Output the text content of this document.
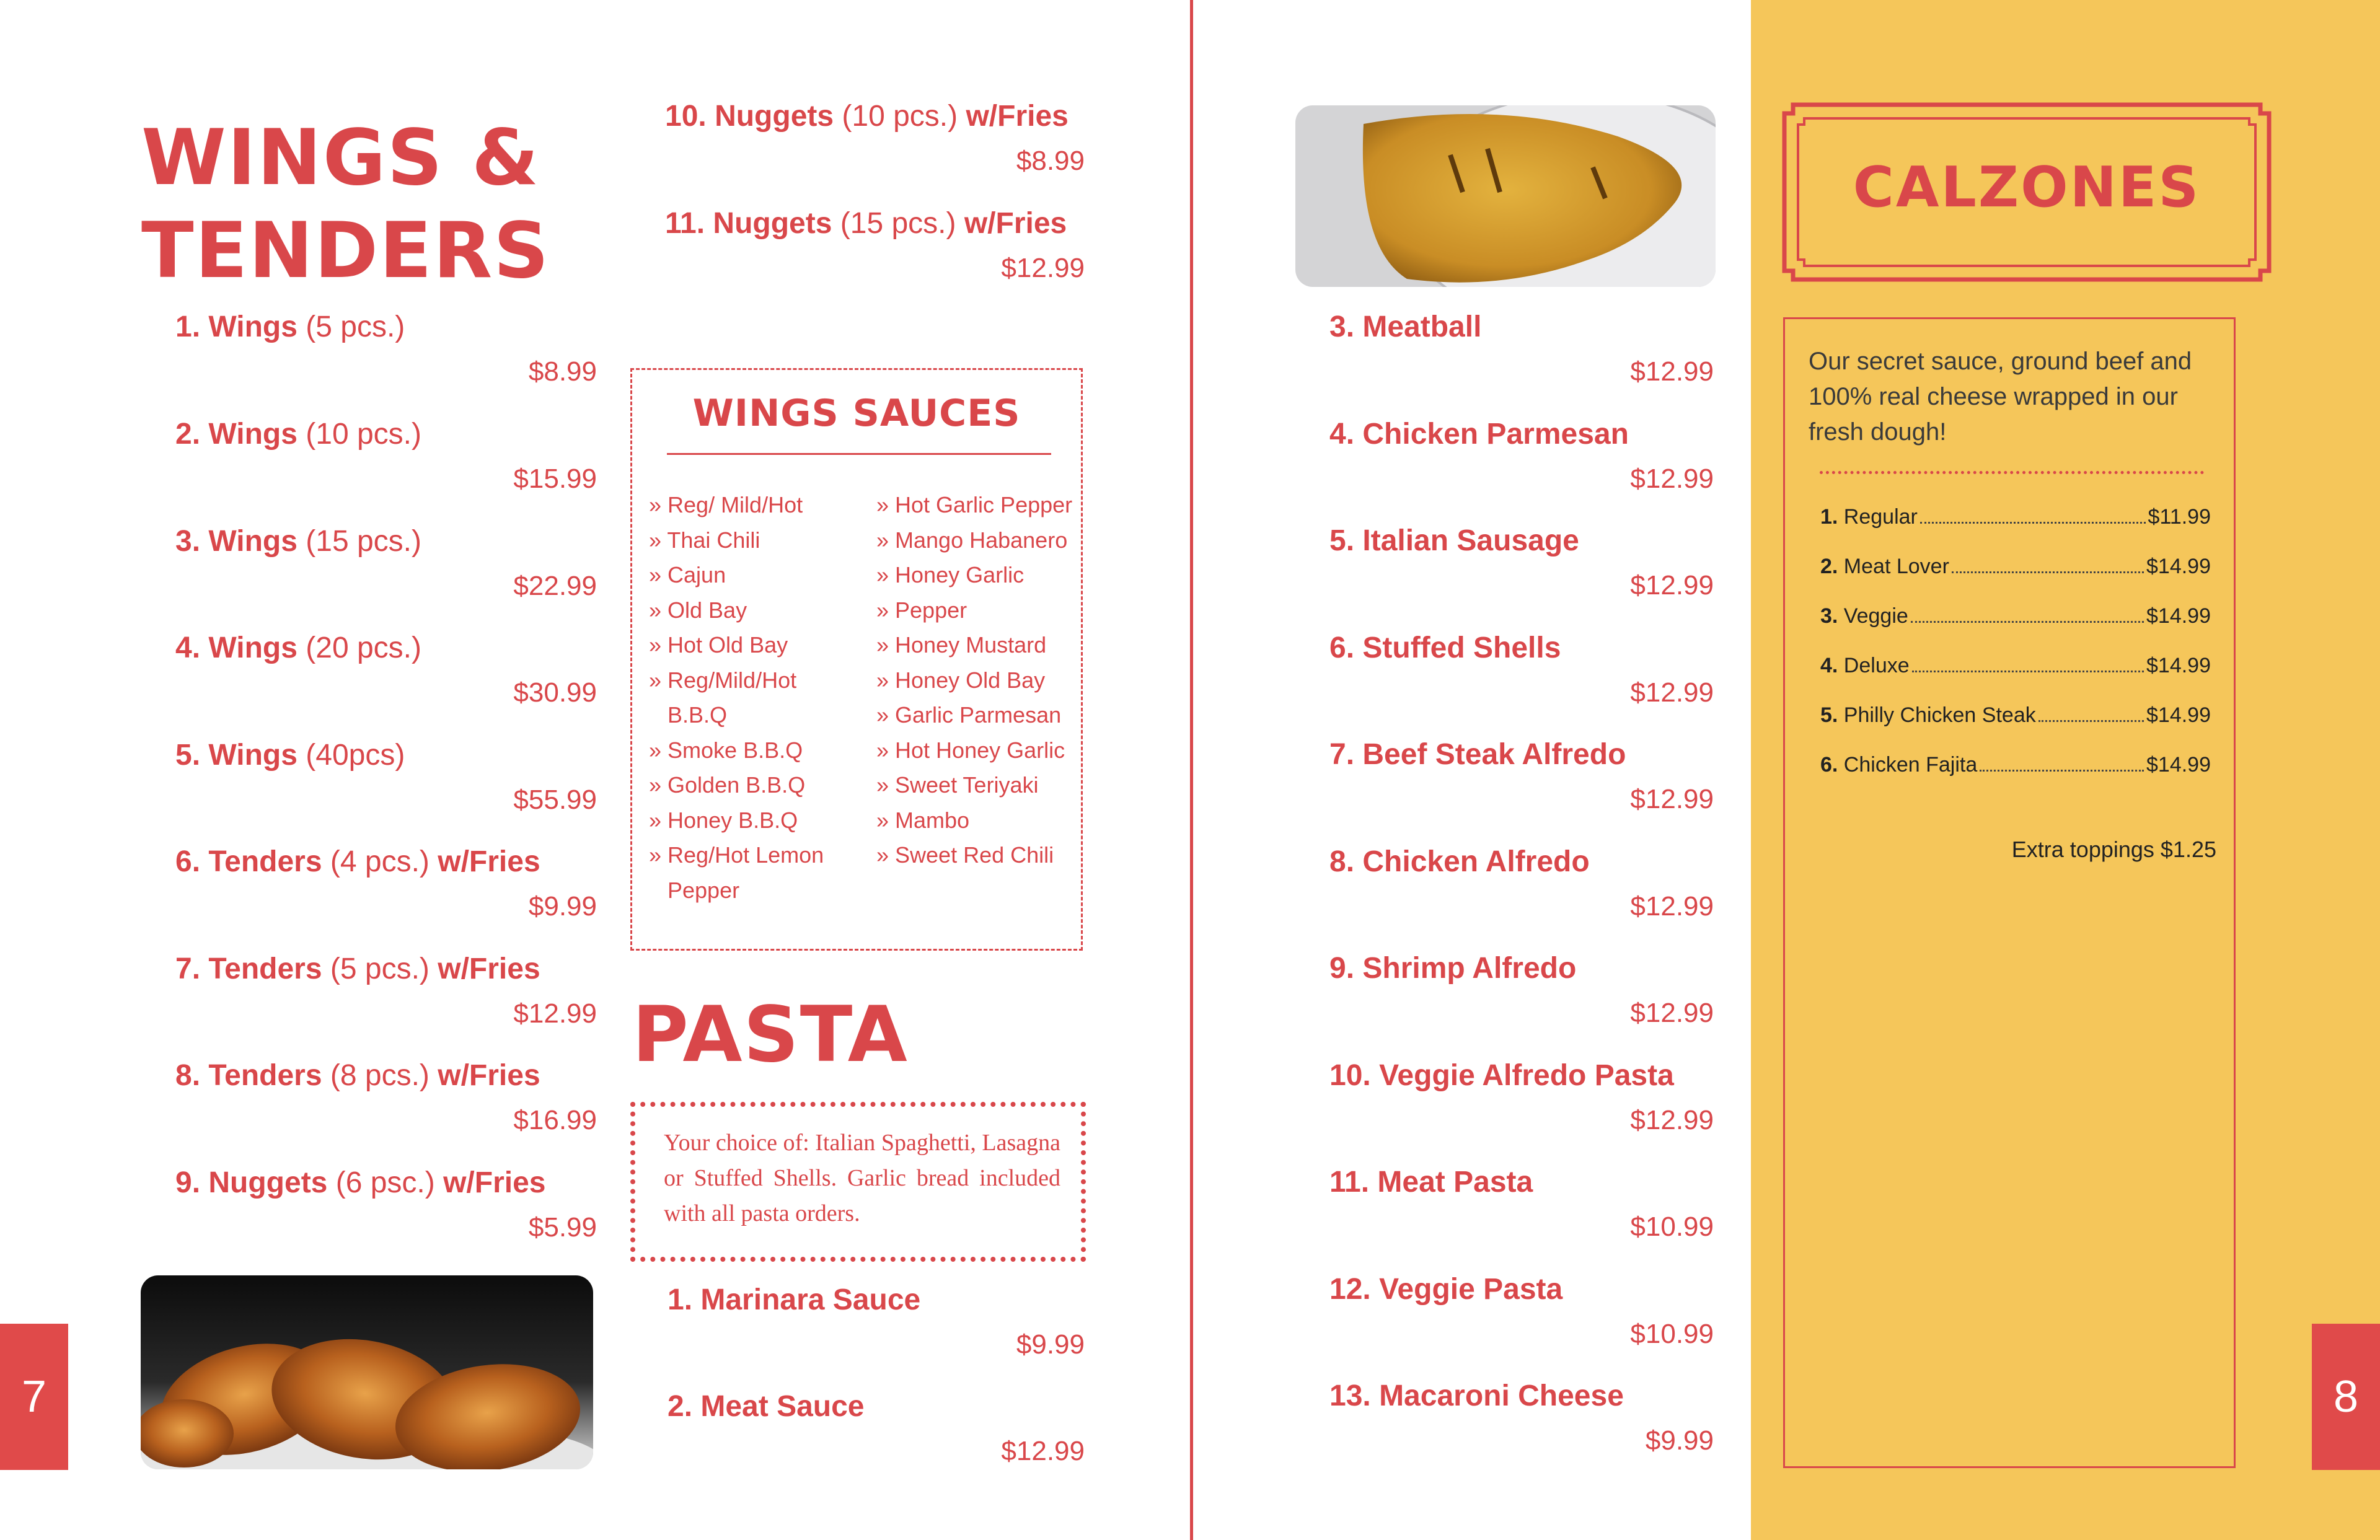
WINGS &
TENDERS
1. Wings (5 pcs.)
$8.99
2. Wings (10 pcs.)
$15.99
3. Wings (15 pcs.)
$22.99
4. Wings (20 pcs.)
$30.99
5. Wings (40pcs)
$55.99
6. Tenders (4 pcs.) w/Fries
$9.99
7. Tenders (5 pcs.) w/Fries
$12.99
8. Tenders (8 pcs.) w/Fries
$16.99
9. Nuggets (6 psc.) w/Fries
$5.99
10. Nuggets (10 pcs.) w/Fries
$8.99
11. Nuggets (15 pcs.) w/Fries
$12.99
WINGS SAUCES
» Reg/ Mild/Hot
» Thai Chili
» Cajun
» Old Bay
» Hot Old Bay
» Reg/Mild/Hot
B.B.Q
» Smoke B.B.Q
» Golden B.B.Q
» Honey B.B.Q
» Reg/Hot Lemon
Pepper
» Hot Garlic Pepper
» Mango Habanero
» Honey Garlic
» Pepper
» Honey Mustard
» Honey Old Bay
» Garlic Parmesan
» Hot Honey Garlic
» Sweet Teriyaki
» Mambo
» Sweet Red Chili
PASTA
Your choice of: Italian Spaghetti, Lasagna or Stuffed Shells. Garlic bread included with all pasta orders.
1. Marinara Sauce
$9.99
2. Meat Sauce
$12.99
3. Meatball
$12.99
4. Chicken Parmesan
$12.99
5. Italian Sausage
$12.99
6. Stuffed Shells
$12.99
7. Beef Steak Alfredo
$12.99
8. Chicken Alfredo
$12.99
9. Shrimp Alfredo
$12.99
10. Veggie Alfredo Pasta
$12.99
11. Meat Pasta
$10.99
12. Veggie Pasta
$10.99
13. Macaroni Cheese
$9.99
CALZONES
Our secret sauce, ground beef and 100% real cheese wrapped in our fresh dough!
1. Regular	$11.99
2. Meat Lover	$14.99
3. Veggie	$14.99
4. Deluxe	$14.99
5. Philly Chicken Steak	$14.99
6. Chicken Fajita	$14.99
Extra toppings $1.25
7	8
